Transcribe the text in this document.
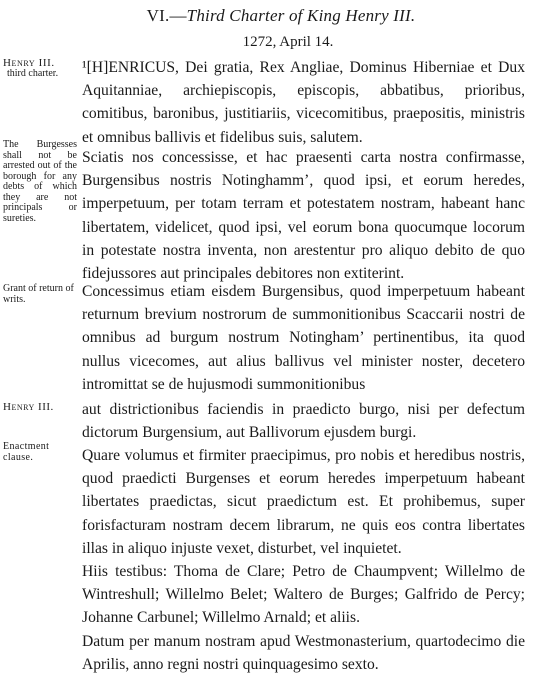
VI.—Third Charter of King Henry III.
1272, April 14.
Henry III.
third charter.
The Burgesses shall not be arrested out of the borough for any debts of which they are not principals or sureties.
Grant of return of writs.
Henry III.
Enactment clause.

¹[H]ENRICUS, Dei gratia, Rex Angliae, Dominus Hiberniae et Dux Aquitanniae, archiepiscopis, episcopis, abbatibus, prioribus, comitibus, baronibus, justitiariis, vicecomitibus, praepositis, ministris et omnibus ballivis et fidelibus suis, salutem.

Sciatis nos concessisse, et hac praesenti carta nostra confirmasse, Burgensibus nostris Notinghamm’, quod ipsi, et eorum heredes, imperpetuum, per totam terram et potestatem nostram, habeant hanc libertatem, videlicet, quod ipsi, vel eorum bona quocumque locorum in potestate nostra inventa, non arestentur pro aliquo debito de quo fidejussores aut principales debitores non extiterint.

Concessimus etiam eisdem Burgensibus, quod imperpetuum habeant returnum brevium nostrorum de summonitionibus Scaccarii nostri de omnibus ad burgum nostrum Notingham’ pertinentibus, ita quod nullus vicecomes, aut alius ballivus vel minister noster, decetero intromittat se de hujusmodi summonitionibus

aut districtionibus faciendis in praedicto burgo, nisi per defectum dictorum Burgensium, aut Ballivorum ejusdem burgi.

Quare volumus et firmiter praecipimus, pro nobis et heredibus nostris, quod praedicti Burgenses et eorum heredes imperpetuum habeant libertates praedictas, sicut praedictum est. Et prohibemus, super forisfacturam nostram decem librarum, ne quis eos contra libertates illas in aliquo injuste vexet, disturbet, vel inquietet.

Hiis testibus: Thoma de Clare; Petro de Chaumpvent; Willelmo de Wintreshull; Willelmo Belet; Waltero de Burges; Galfrido de Percy; Johanne Carbunel; Willelmo Arnald; et aliis.

Datum per manum nostram apud Westmonasterium, quartodecimo die Aprilis, anno regni nostri quinquagesimo sexto.
